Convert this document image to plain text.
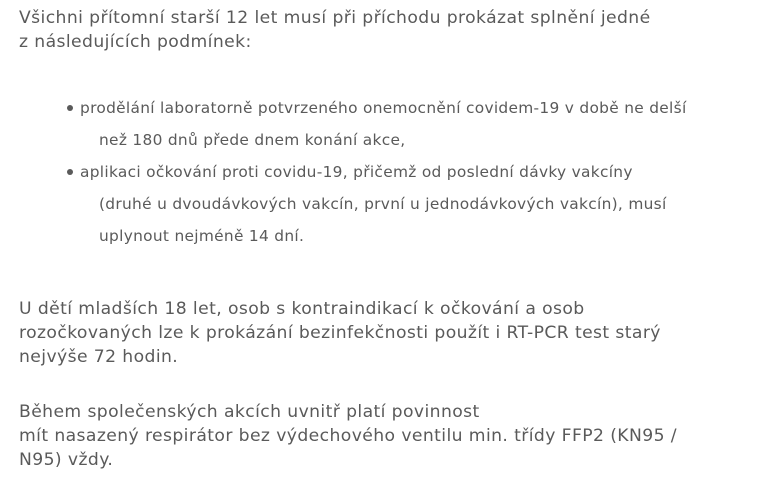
Všichni přítomní starší 12 let musí při příchodu prokázat splnění jedné
z následujících podmínek:

prodělání laboratorně potvrzeného onemocnění covidem-19 v době ne delší
než 180 dnů přede dnem konání akce,
aplikaci očkování proti covidu-19, přičemž od poslední dávky vakcíny
(druhé u dvoudávkových vakcín, první u jednodávkových vakcín), musí
uplynout nejméně 14 dní.

U dětí mladších 18 let, osob s kontraindikací k očkování a osob
rozočkovaných lze k prokázání bezinfekčnosti použít i RT-PCR test starý
nejvýše 72 hodin.

Během společenských akcích uvnitř platí povinnost
mít nasazený respirátor bez výdechového ventilu min. třídy FFP2 (KN95 /
N95) vždy.
